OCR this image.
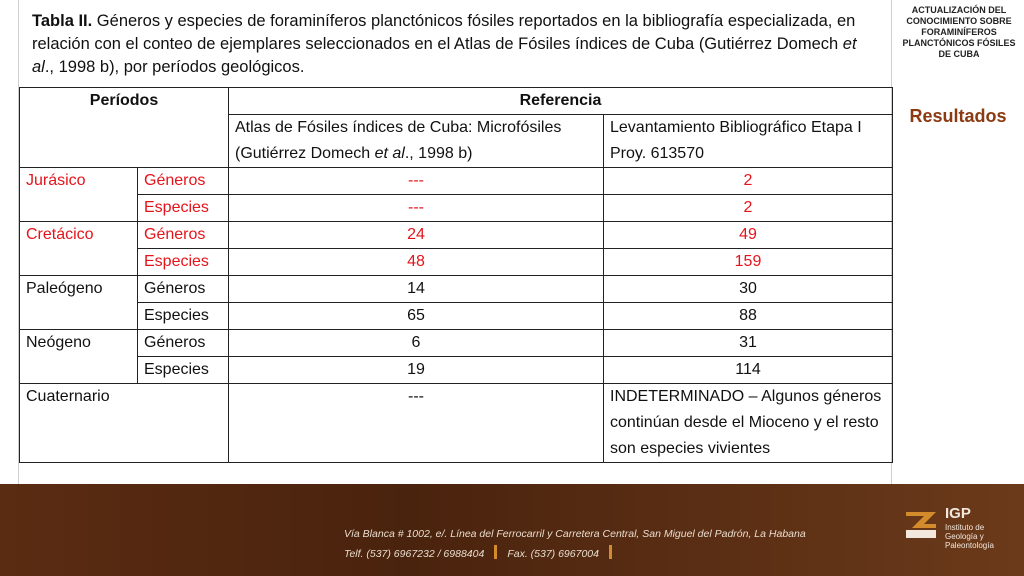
Tabla II. Géneros y especies de foraminíferos planctónicos fósiles reportados en la bibliografía especializada, en relación con el conteo de ejemplares seleccionados en el Atlas de Fósiles índices de Cuba (Gutiérrez Domech et al., 1998 b), por períodos geológicos.
ACTUALIZACIÓN DEL CONOCIMIENTO SOBRE FORAMINÍFEROS PLANCTÓNICOS FÓSILES DE CUBA
Resultados
Períodos		Referencia	
		Atlas de Fósiles índices de Cuba: Microfósiles (Gutiérrez Domech et al., 1998 b)	Levantamiento Bibliográfico Etapa I Proy. 613570
Jurásico	Géneros	---	2
	Especies	---	2
Cretácico	Géneros	24	49
	Especies	48	159
Paleógeno	Géneros	14	30
	Especies	65	88
Neógeno	Géneros	6	31
	Especies	19	114
Cuaternario		---	INDETERMINADO – Algunos géneros continúan desde el Mioceno y el resto son especies vivientes
Vía Blanca # 1002, e/. Línea del Ferrocarril y Carretera Central, San Miguel del Padrón, La Habana
Telf. (537) 6967232 / 6988404 Fax. (537) 6967004
IGP
Instituto de Geología y Paleontología
